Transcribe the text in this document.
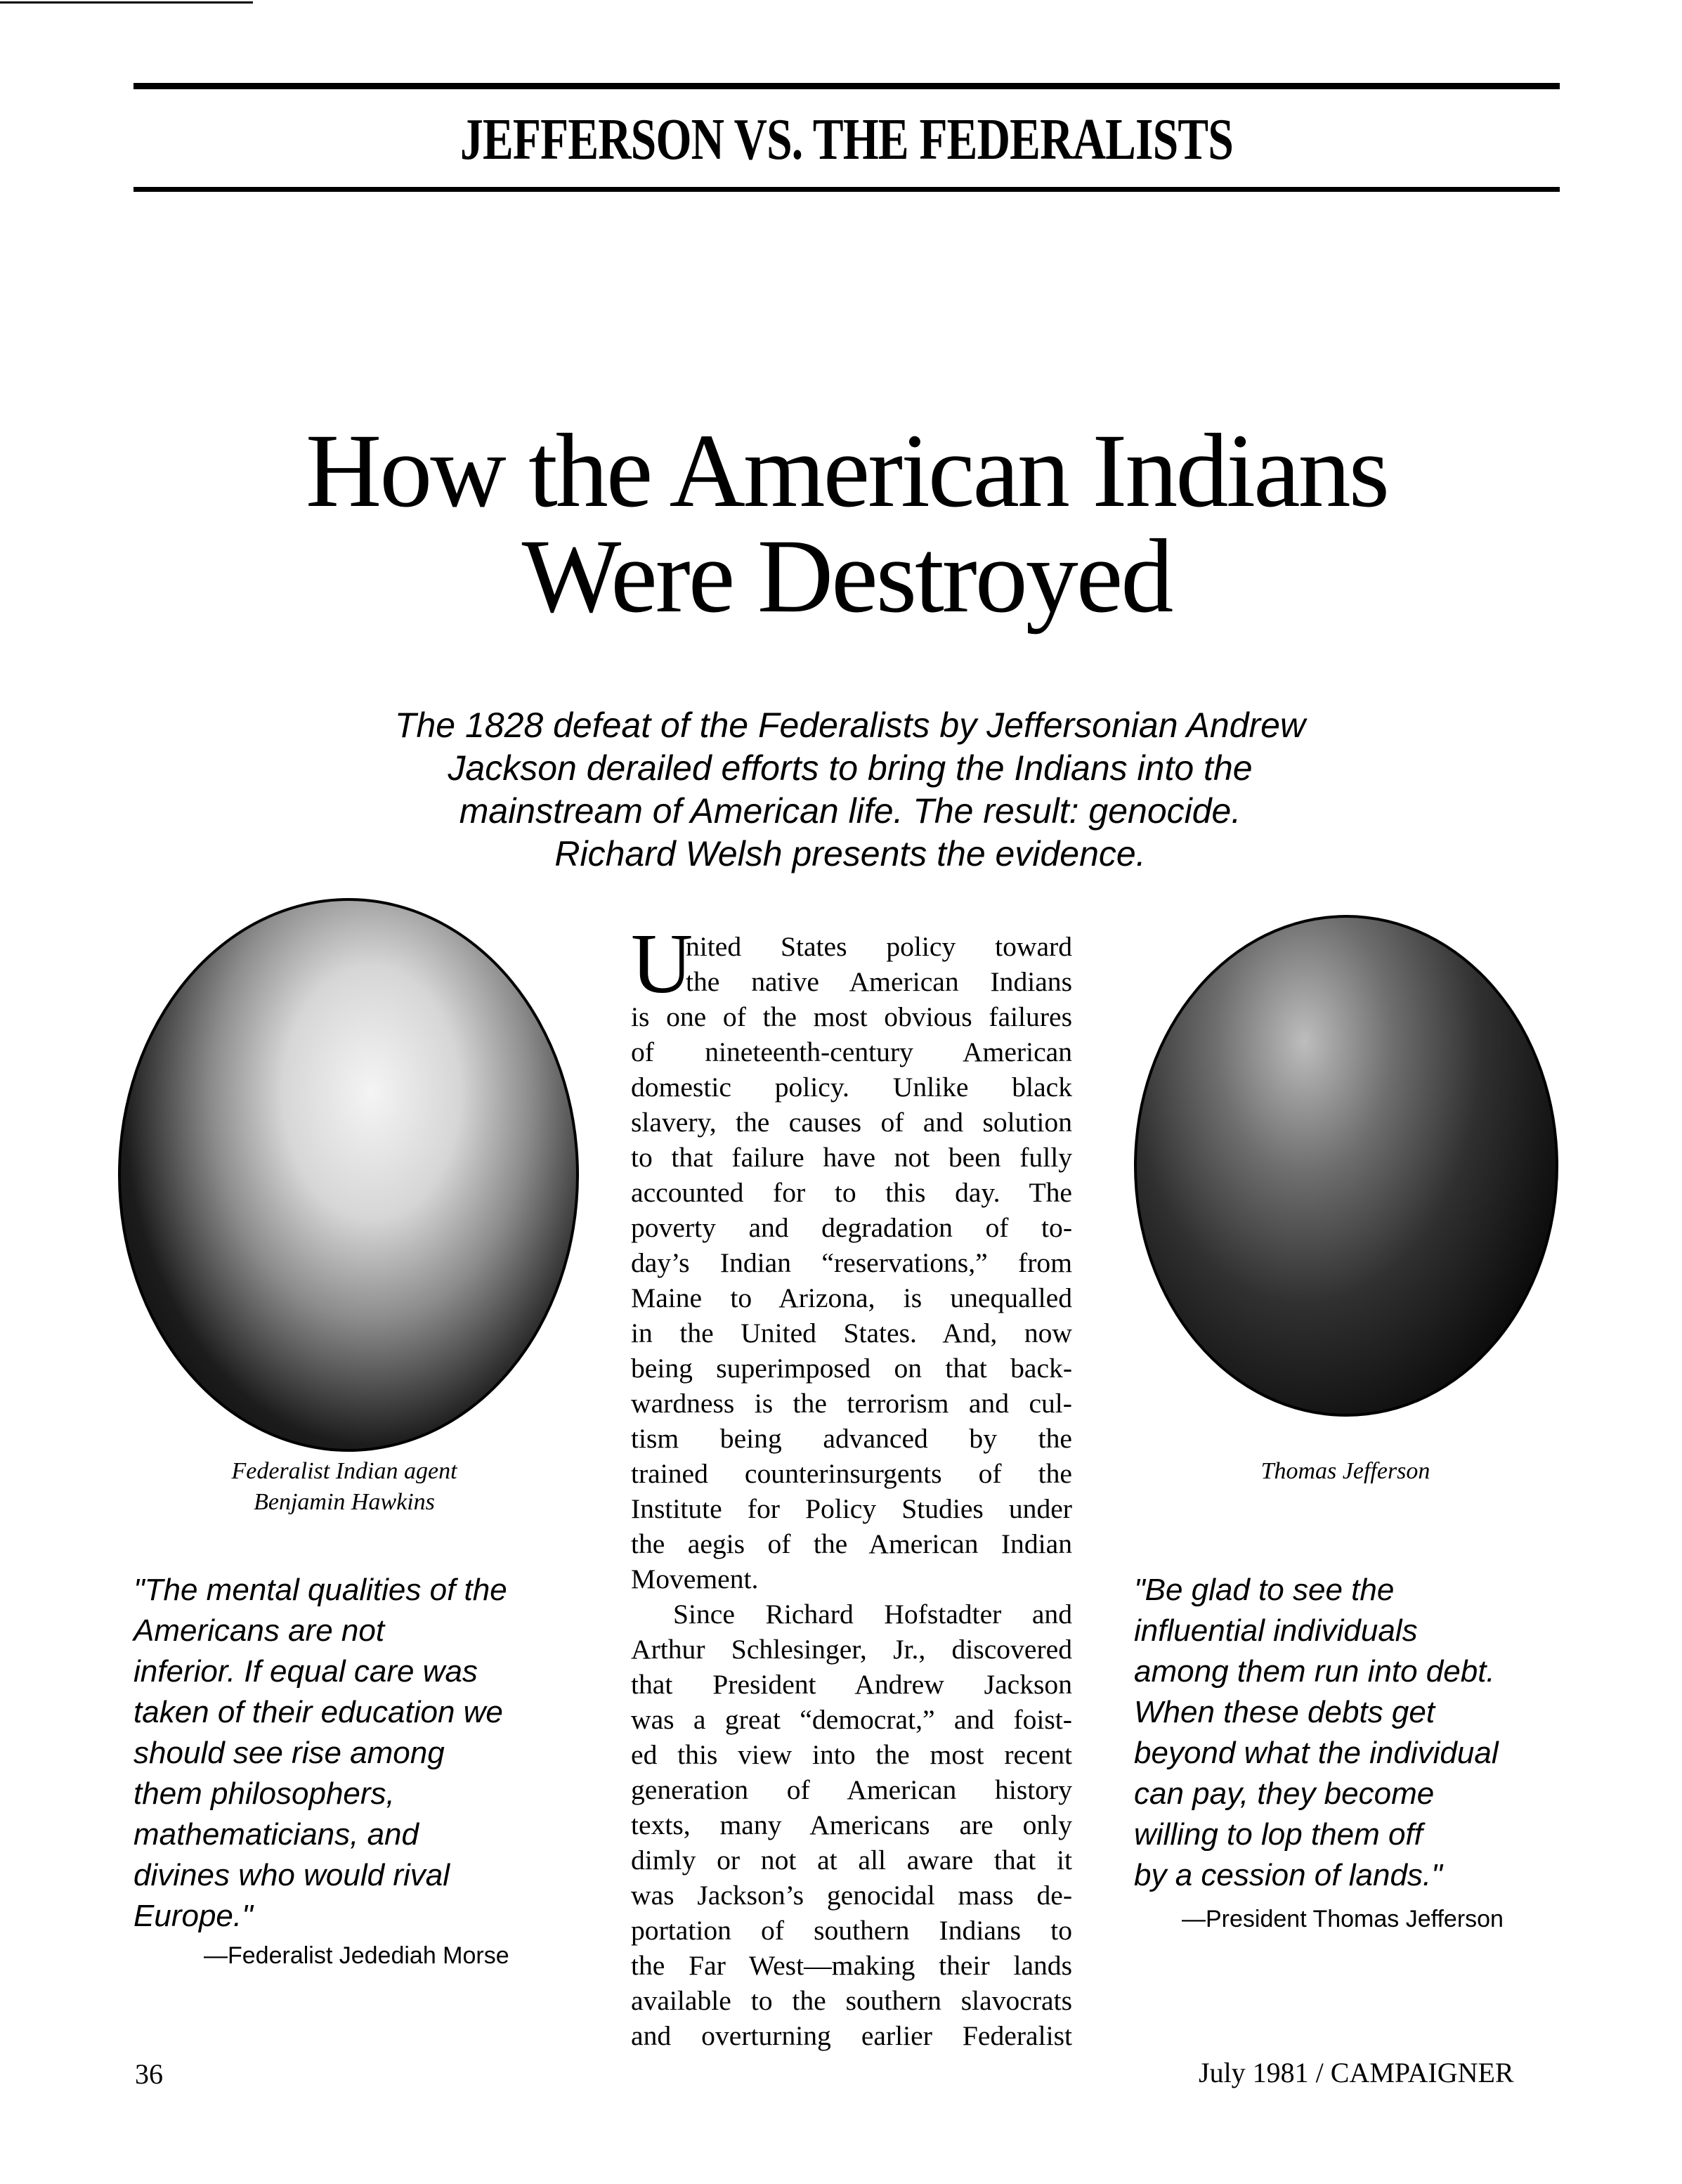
JEFFERSON VS. THE FEDERALISTS
How the American Indians
Were Destroyed
The 1828 defeat of the Federalists by Jeffersonian Andrew
Jackson derailed efforts to bring the Indians into the
mainstream of American life. The result: genocide.
Richard Welsh presents the evidence.
Federalist Indian agent
Benjamin Hawkins
Thomas Jefferson
U
nited States policy toward
the native American Indians
is one of the most obvious failures
of nineteenth-century American
domestic policy. Unlike black
slavery, the causes of and solution
to that failure have not been fully
accounted for to this day. The
poverty and degradation of to-
day’s Indian “reservations,” from
Maine to Arizona, is unequalled
in the United States. And, now
being superimposed on that back-
wardness is the terrorism and cul-
tism being advanced by the
trained counterinsurgents of the
Institute for Policy Studies under
the aegis of the American Indian
Movement.
Since Richard Hofstadter and
Arthur Schlesinger, Jr., discovered
that President Andrew Jackson
was a great “democrat,” and foist-
ed this view into the most recent
generation of American history
texts, many Americans are only
dimly or not at all aware that it
was Jackson’s genocidal mass de-
portation of southern Indians to
the Far West—making their lands
available to the southern slavocrats
and overturning earlier Federalist
"The mental qualities of the
Americans are not
inferior. If equal care was
taken of their education we
should see rise among
them philosophers,
mathematicians, and
divines who would rival
Europe."
—Federalist Jedediah Morse
"Be glad to see the
influential individuals
among them run into debt.
When these debts get
beyond what the individual
can pay, they become
willing to lop them off
by a cession of lands."
—President Thomas Jefferson
36	July 1981 / CAMPAIGNER
